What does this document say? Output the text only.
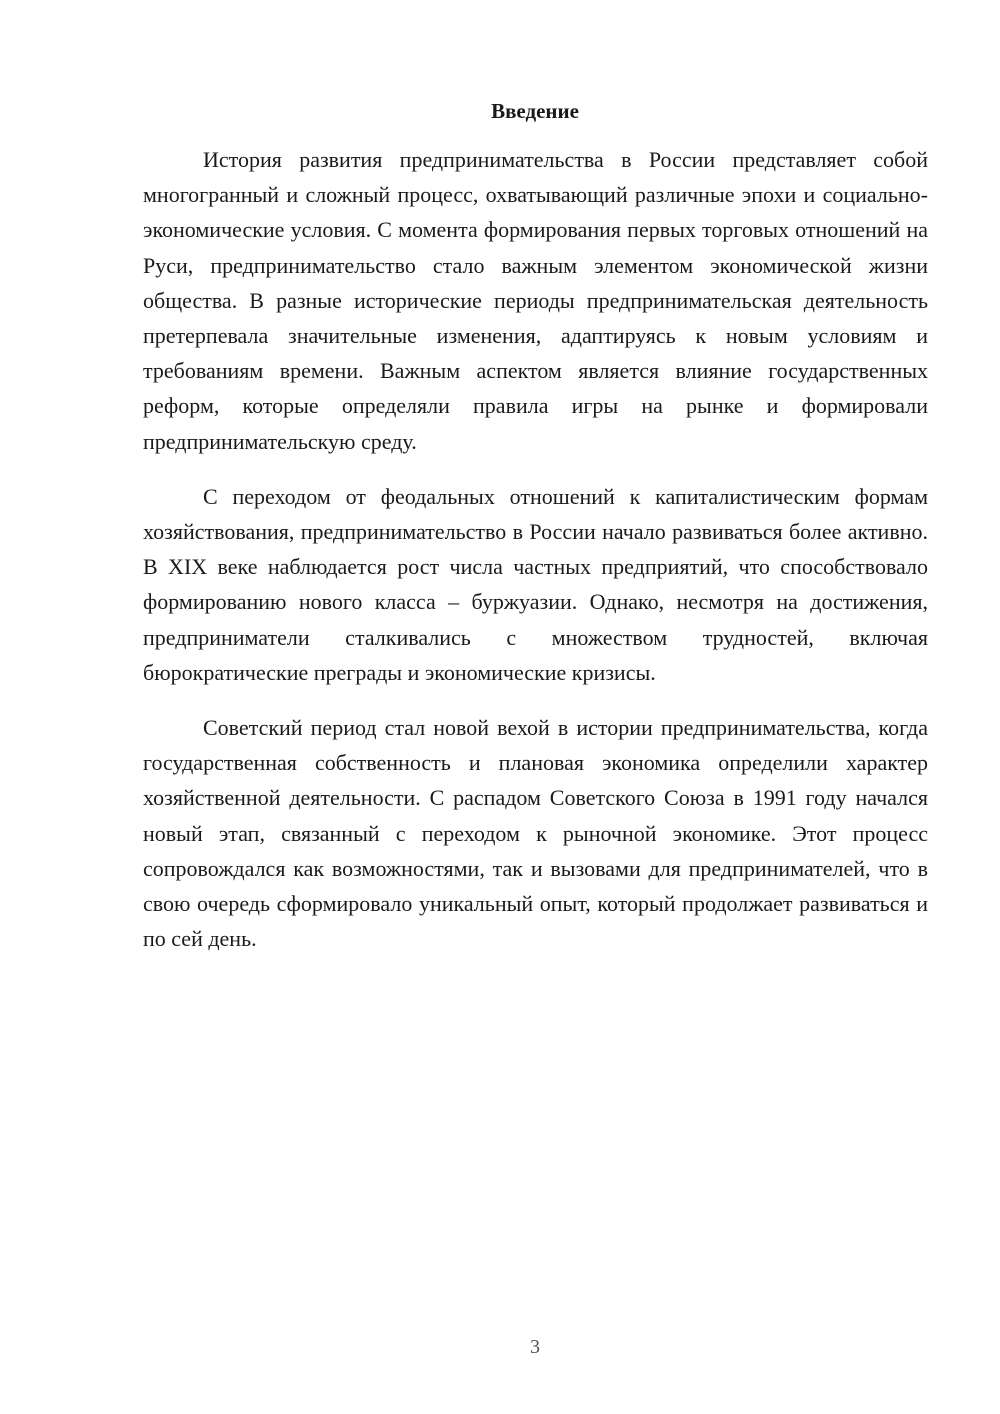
Введение

История развития предпринимательства в России представляет собой многогранный и сложный процесс, охватывающий различные эпохи и социально-экономические условия. С момента формирования первых торговых отношений на Руси, предпринимательство стало важным элементом экономической жизни общества. В разные исторические периоды предпринимательская деятельность претерпевала значительные изменения, адаптируясь к новым условиям и требованиям времени. Важным аспектом является влияние государственных реформ, которые определяли правила игры на рынке и формировали предпринимательскую среду.

С переходом от феодальных отношений к капиталистическим формам хозяйствования, предпринимательство в России начало развиваться более активно. В XIX веке наблюдается рост числа частных предприятий, что способствовало формированию нового класса – буржуазии. Однако, несмотря на достижения, предприниматели сталкивались с множеством трудностей, включая бюрократические преграды и экономические кризисы.

Советский период стал новой вехой в истории предпринимательства, когда государственная собственность и плановая экономика определили характер хозяйственной деятельности. С распадом Советского Союза в 1991 году начался новый этап, связанный с переходом к рыночной экономике. Этот процесс сопровождался как возможностями, так и вызовами для предпринимателей, что в свою очередь сформировало уникальный опыт, который продолжает развиваться и по сей день.

3
